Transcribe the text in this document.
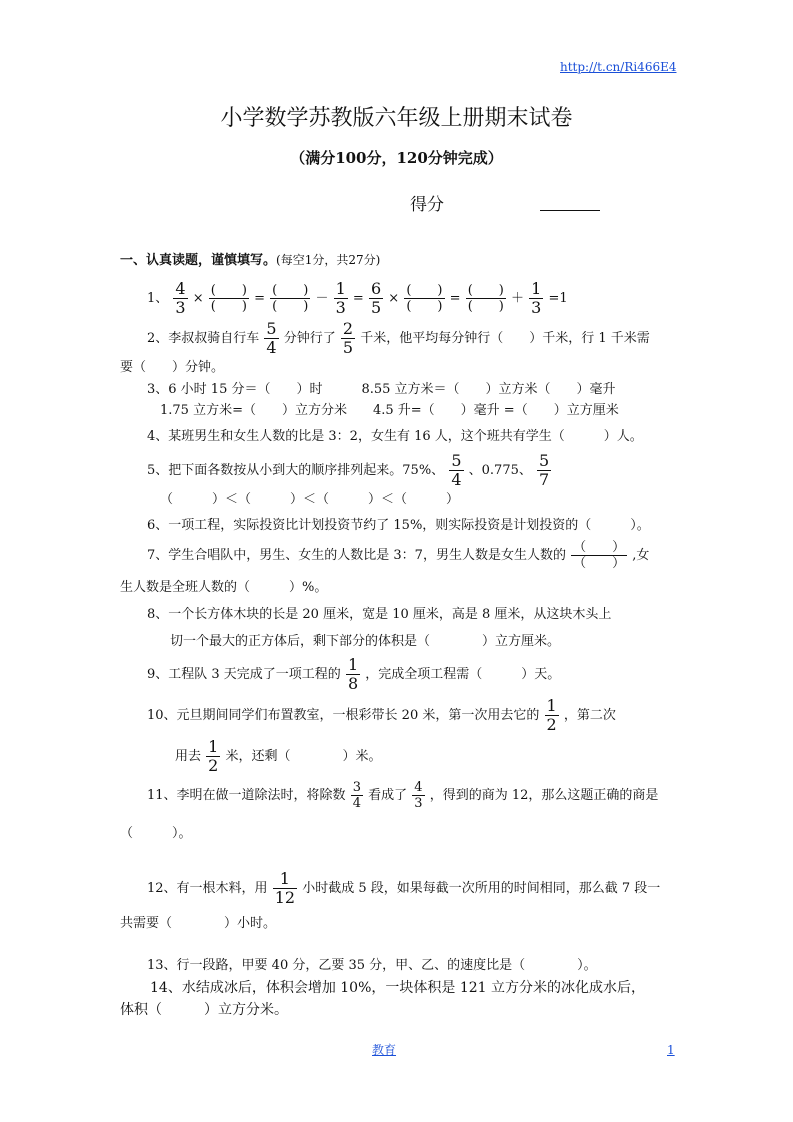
http://t.cn/Ri466E4
小学数学苏教版六年级上册期末试卷
（满分100分，120分钟完成）
得分
一、认真读题，谨慎填写。(每空1分，共27分)
1、 $\frac{4}{3} \times \frac{( )}{( )} = \frac{( )}{( )} - \frac{1}{3} = \frac{6}{5} \times \frac{( )}{( )} = \frac{( )}{( )} + \frac{1}{3} =1$
2、李叔叔骑自行车 $\frac{5}{4}$ 分钟行了 $\frac{2}{5}$ 千米，他平均每分钟行（　　）千米，行 1 千米需
要（　　）分钟。
3、6 小时 15 分＝（　　）时　　　8.55 立方米＝（　　）立方米（　　）毫升
1.75 立方米=（　　）立方分米　　4.5 升=（　　）毫升 =（　　）立方厘米
4、某班男生和女生人数的比是 3：2，女生有 16 人，这个班共有学生（　　　）人。
5、把下面各数按从小到大的顺序排列起来。75%、 $\frac{5}{4}$ 、0.775、 $\frac{5}{7}$
（　　　）＜（　　　）＜（　　　）＜（　　　）
6、一项工程，实际投资比计划投资节约了 15%，则实际投资是计划投资的（　　　）。
7、学生合唱队中，男生、女生的人数比是 3：7，男生人数是女生人数的 $\frac{( )}{( )}$ ,女
生人数是全班人数的（　　　）%。
8、一个长方体木块的长是 20 厘米，宽是 10 厘米，高是 8 厘米，从这块木头上
切一个最大的正方体后，剩下部分的体积是（　　　　）立方厘米。
9、工程队 3 天完成了一项工程的 $\frac{1}{8}$ ，完成全项工程需（　　　）天。
10、元旦期间同学们布置教室，一根彩带长 20 米，第一次用去它的 $\frac{1}{2}$ ，第二次
用去 $\frac{1}{2}$ 米，还剩（　　　　）米。
11、李明在做一道除法时，将除数 $\frac{3}{4}$ 看成了 $\frac{4}{3}$ ，得到的商为 12，那么这题正确的商是
（　　　）。
12、有一根木料，用 $\frac{1}{12}$ 小时截成 5 段，如果每截一次所用的时间相同，那么截 7 段一
共需要（　　　　）小时。
13、行一段路，甲要 40 分，乙要 35 分，甲、乙、的速度比是（　　　　）。
14、水结成冰后，体积会增加 10%，一块体积是 121 立方分米的冰化成水后，
体积（　　　）立方分米。
教育	1
